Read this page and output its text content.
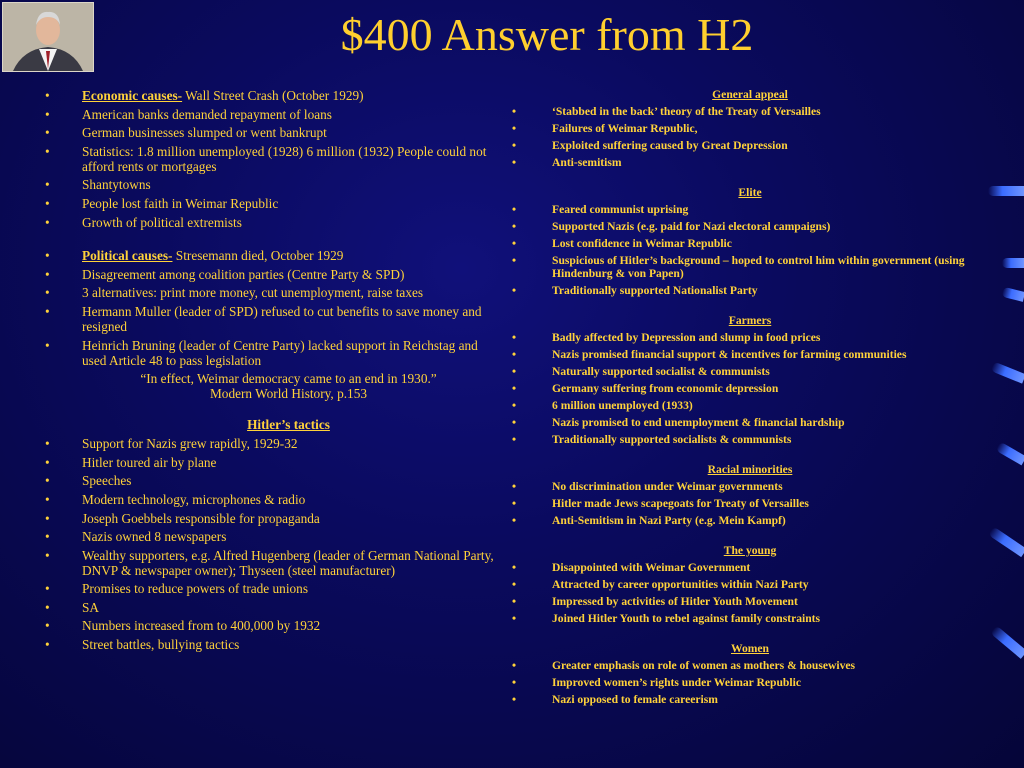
$400 Answer from H2
• Economic causes- Wall Street Crash (October 1929)
• American banks demanded repayment of loans
• German businesses slumped or went bankrupt
• Statistics: 1.8 million unemployed (1928) 6 million (1932) People could not afford rents or mortgages
• Shantytowns
• People lost faith in Weimar Republic
• Growth of political extremists
• Political causes- Stresemann died, October 1929
• Disagreement among coalition parties (Centre Party & SPD)
• 3 alternatives: print more money, cut unemployment, raise taxes
• Hermann Muller (leader of SPD) refused to cut benefits to save money and resigned
• Heinrich Bruning (leader of Centre Party) lacked support in Reichstag and used Article 48 to pass legislation
“In effect, Weimar democracy came to an end in 1930.”
Modern World History, p.153
Hitler’s tactics
• Support for Nazis grew rapidly, 1929-32
• Hitler toured air by plane
• Speeches
• Modern technology, microphones & radio
• Joseph Goebbels responsible for propaganda
• Nazis owned 8 newspapers
• Wealthy supporters, e.g. Alfred Hugenberg (leader of German National Party, DNVP & newspaper owner); Thyseen (steel manufacturer)
• Promises to reduce powers of trade unions
• SA
• Numbers increased from to 400,000 by 1932
• Street battles, bullying tactics
General appeal
•	‘Stabbed in the back’ theory of the Treaty of Versailles
•	Failures of Weimar Republic,
•	Exploited suffering caused by Great Depression
•	Anti-semitism
Elite
•	Feared communist uprising
•	Supported Nazis (e.g. paid for Nazi electoral campaigns)
•	Lost confidence in Weimar Republic
•	Suspicious of Hitler’s background – hoped to control him within government (using Hindenburg & von Papen)
•	Traditionally supported Nationalist Party
Farmers
•	Badly affected by Depression and slump in food prices
•	Nazis promised financial support & incentives for farming communities
•	Naturally supported socialist & communists
•	Germany suffering from economic depression
•	6 million unemployed (1933)
•	Nazis promised to end unemployment & financial hardship
•	Traditionally supported socialists & communists
Racial minorities
•	No discrimination under Weimar governments
•	Hitler made Jews scapegoats for Treaty of Versailles
•	Anti-Semitism in Nazi Party (e.g. Mein Kampf)
The young
•	Disappointed with Weimar Government
•	Attracted by career opportunities within Nazi Party
•	Impressed by activities of Hitler Youth Movement
•	Joined Hitler Youth to rebel against family constraints
Women
•	Greater emphasis on role of women as mothers & housewives
•	Improved women’s rights under Weimar Republic
•	Nazi opposed to female careerism
